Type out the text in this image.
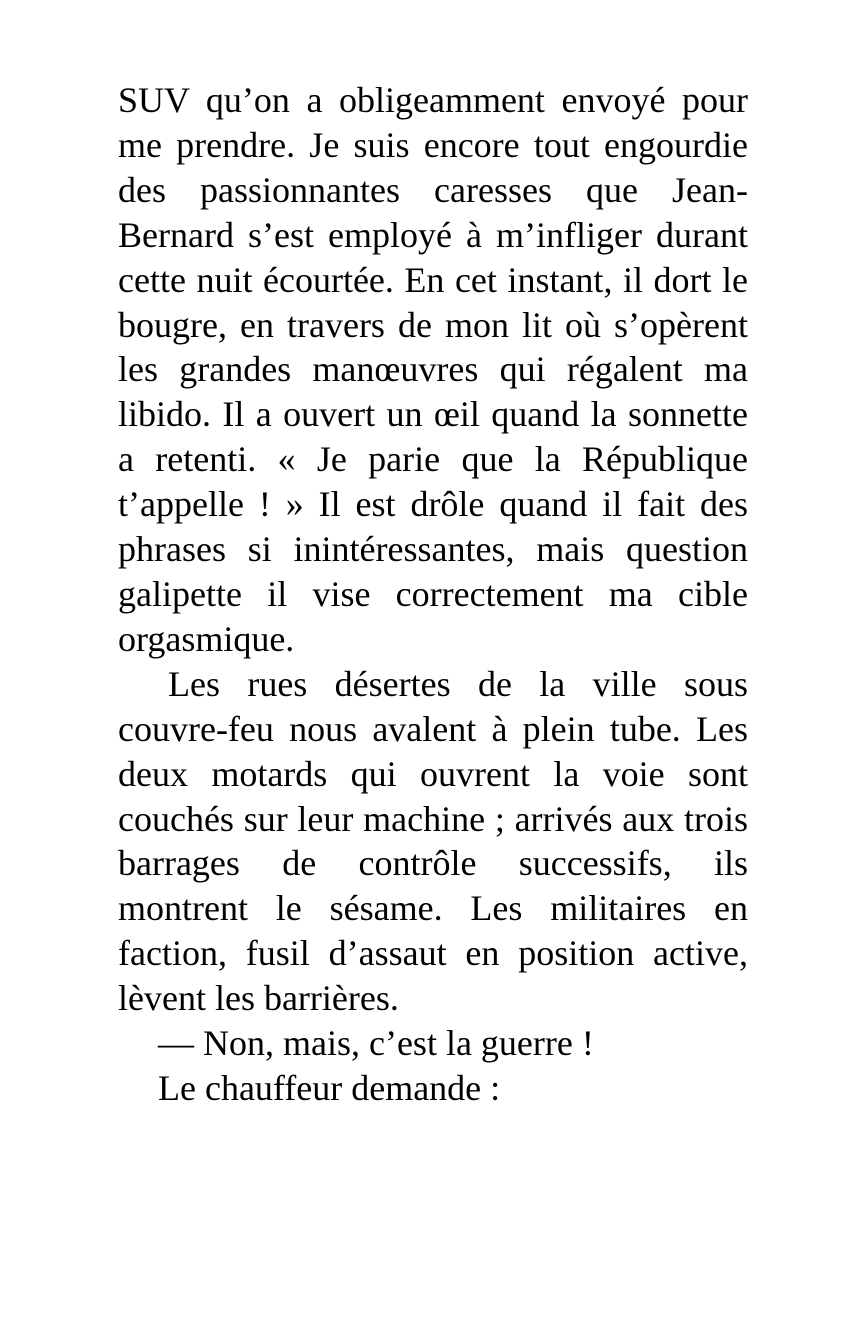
SUV qu’on a obligeamment envoyé pour me prendre. Je suis encore tout engourdie des passionnantes caresses que Jean-Bernard s’est employé à m’infliger durant cette nuit écourtée. En cet instant, il dort le bougre, en travers de mon lit où s’opèrent les grandes manœuvres qui régalent ma libido. Il a ouvert un œil quand la sonnette a retenti. « Je parie que la République t’appelle ! » Il est drôle quand il fait des phrases si inintéressantes, mais question galipette il vise correctement ma cible orgasmique.

Les rues désertes de la ville sous couvre-feu nous avalent à plein tube. Les deux motards qui ouvrent la voie sont couchés sur leur machine ; arrivés aux trois barrages de contrôle successifs, ils montrent le sésame. Les militaires en faction, fusil d’assaut en position active, lèvent les barrières.

— Non, mais, c’est la guerre !

Le chauffeur demande :
